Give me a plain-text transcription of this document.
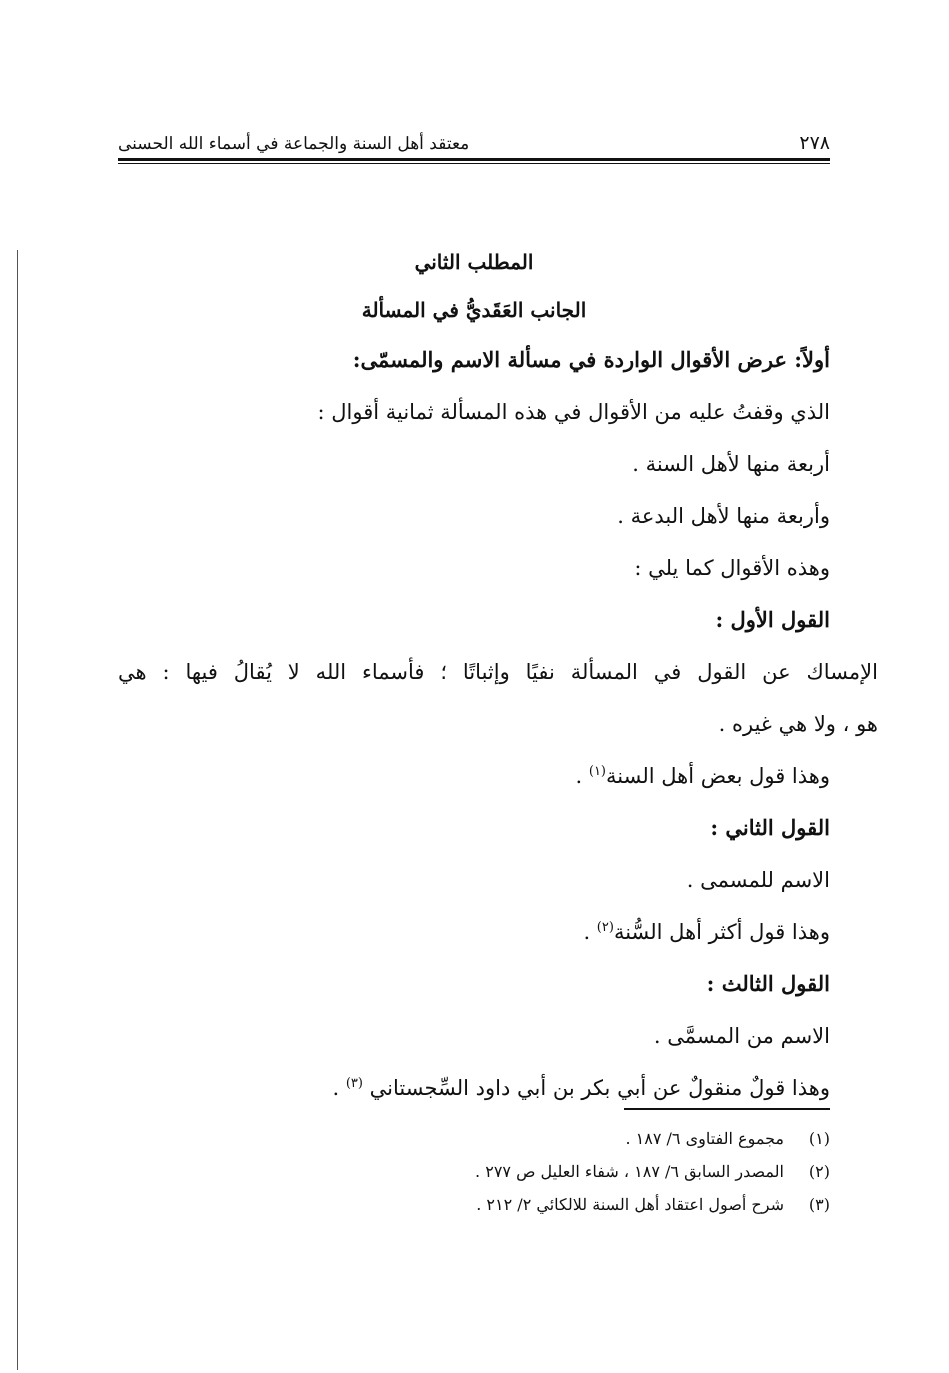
٢٧٨
معتقد أهل السنة والجماعة في أسماء الله الحسنى
المطلب الثاني
الجانب العَقَديُّ في المسألة
أولاً: عرض الأقوال الواردة في مسألة الاسم والمسمّى:
الذي وقفتُ عليه من الأقوال في هذه المسألة ثمانية أقوال :
أربعة منها لأهل السنة .
وأربعة منها لأهل البدعة .
وهذه الأقوال كما يلي :
القول الأول :
الإمساك عن القول في المسألة نفيًا وإثباتًا ؛ فأسماء الله لا يُقالُ فيها : هي
هو ، ولا هي غيره .
وهذا قول بعض أهل السنة$^{(١)}$ .
القول الثاني :
الاسم للمسمى .
وهذا قول أكثر أهل السُّنة$^{(٢)}$ .
القول الثالث :
الاسم من المسمَّى .
وهذا قولٌ منقولٌ عن أبي بكر بن أبي داود السِّجستاني $^{(٣)}$ .
(١)مجموع الفتاوى ٦/ ١٨٧ .
(٢)المصدر السابق ٦/ ١٨٧ ، شفاء العليل ص ٢٧٧ .
(٣)شرح أصول اعتقاد أهل السنة للالكائي ٢/ ٢١٢ .
